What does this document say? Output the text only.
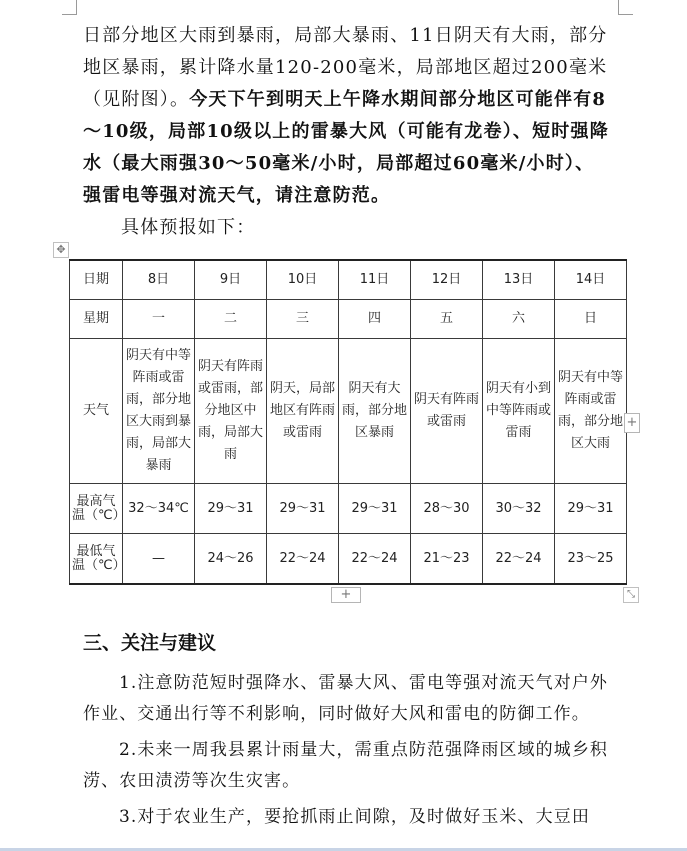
日部分地区大雨到暴雨，局部大暴雨、11日阴天有大雨，部分地区暴雨，累计降水量120-200毫米，局部地区超过200毫米（见附图）。今天下午到明天上午降水期间部分地区可能伴有8～10级，局部10级以上的雷暴大风（可能有龙卷）、短时强降水（最大雨强30～50毫米/小时，局部超过60毫米/小时）、强雷电等强对流天气，请注意防范。

具体预报如下：
✥
日期	8日	9日	10日	11日	12日	13日	14日
星期	一	二	三	四	五	六	日
天气	阴天有中等阵雨或雷雨，部分地区大雨到暴雨，局部大暴雨	阴天有阵雨或雷雨，部分地区中雨，局部大雨	阴天，局部地区有阵雨或雷雨	阴天有大雨，部分地区暴雨	阴天有阵雨或雷雨	阴天有小到中等阵雨或雷雨	阴天有中等阵雨或雷雨，部分地区大雨
最高气温（℃）	32～34℃	29～31	29～31	29～31	28～30	30～32	29～31
最低气温（℃）	—	24～26	22～24	22～24	21～23	22～24	23～25
+
+	⤡
三、关注与建议

1.注意防范短时强降水、雷暴大风、雷电等强对流天气对户外作业、交通出行等不利影响，同时做好大风和雷电的防御工作。

2.未来一周我县累计雨量大，需重点防范强降雨区域的城乡积涝、农田渍涝等次生灾害。

3.对于农业生产，要抢抓雨止间隙，及时做好玉米、大豆田
